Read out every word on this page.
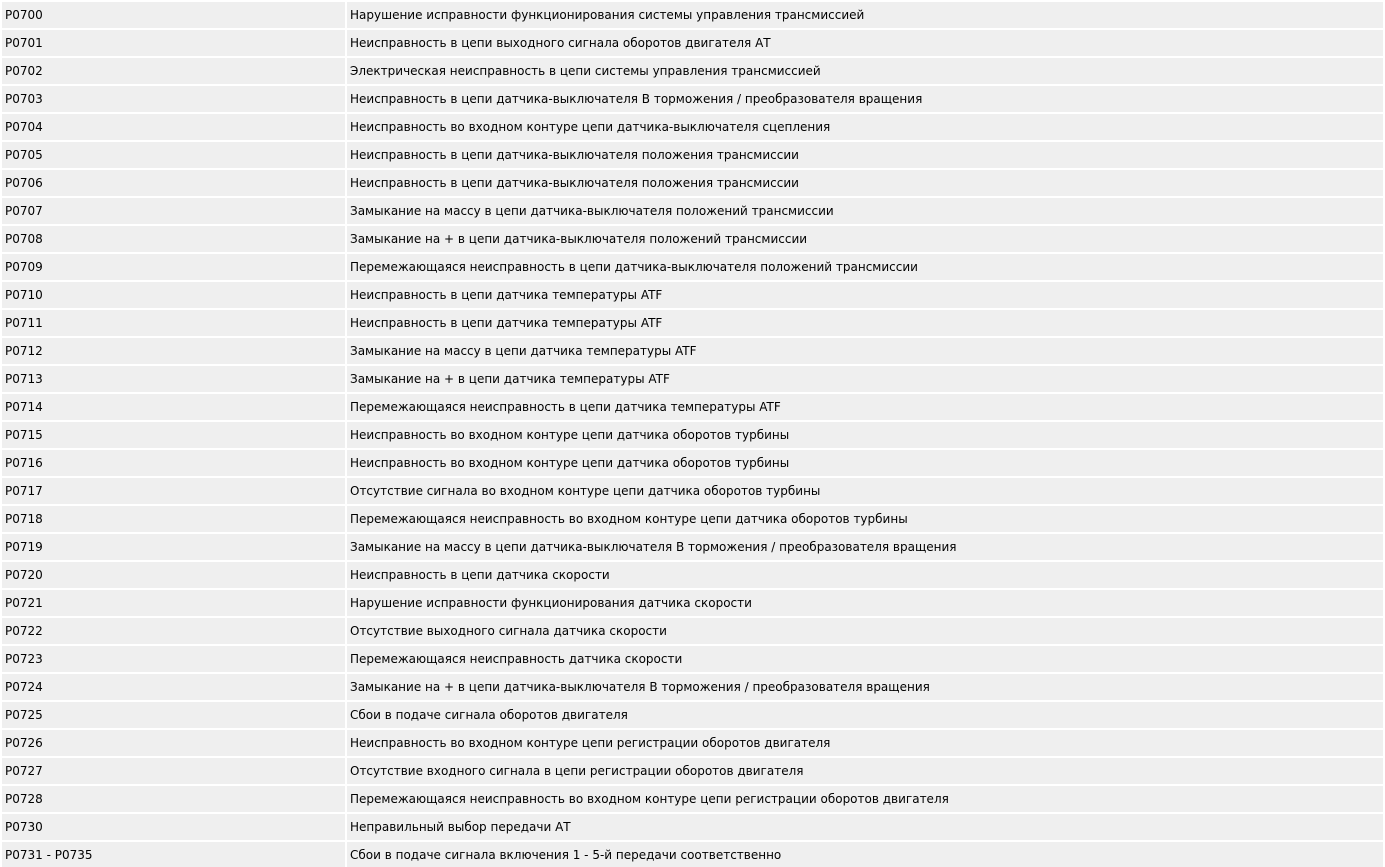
P0700	Нарушение исправности функционирования системы управления трансмиссией
P0701	Неисправность в цепи выходного сигнала оборотов двигателя АТ
P0702	Электрическая неисправность в цепи системы управления трансмиссией
P0703	Неисправность в цепи датчика-выключателя В торможения / преобразователя вращения
P0704	Неисправность во входном контуре цепи датчика-выключателя сцепления
P0705	Неисправность в цепи датчика-выключателя положения трансмиссии
P0706	Неисправность в цепи датчика-выключателя положения трансмиссии
P0707	Замыкание на массу в цепи датчика-выключателя положений трансмиссии
P0708	Замыкание на + в цепи датчика-выключателя положений трансмиссии
P0709	Перемежающаяся неисправность в цепи датчика-выключателя положений трансмиссии
P0710	Неисправность в цепи датчика температуры ATF
P0711	Неисправность в цепи датчика температуры ATF
P0712	Замыкание на массу в цепи датчика температуры ATF
P0713	Замыкание на + в цепи датчика температуры ATF
P0714	Перемежающаяся неисправность в цепи датчика температуры ATF
P0715	Неисправность во входном контуре цепи датчика оборотов турбины
P0716	Неисправность во входном контуре цепи датчика оборотов турбины
P0717	Отсутствие сигнала во входном контуре цепи датчика оборотов турбины
P0718	Перемежающаяся неисправность во входном контуре цепи датчика оборотов турбины
P0719	Замыкание на массу в цепи датчика-выключателя В торможения / преобразователя вращения
P0720	Неисправность в цепи датчика скорости
P0721	Нарушение исправности функционирования датчика скорости
P0722	Отсутствие выходного сигнала датчика скорости
P0723	Перемежающаяся неисправность датчика скорости
P0724	Замыкание на + в цепи датчика-выключателя В торможения / преобразователя вращения
P0725	Сбои в подаче сигнала оборотов двигателя
P0726	Неисправность во входном контуре цепи регистрации оборотов двигателя
P0727	Отсутствие входного сигнала в цепи регистрации оборотов двигателя
P0728	Перемежающаяся неисправность во входном контуре цепи регистрации оборотов двигателя
P0730	Неправильный выбор передачи АТ
P0731 - P0735	Сбои в подаче сигнала включения 1 - 5-й передачи соответственно
